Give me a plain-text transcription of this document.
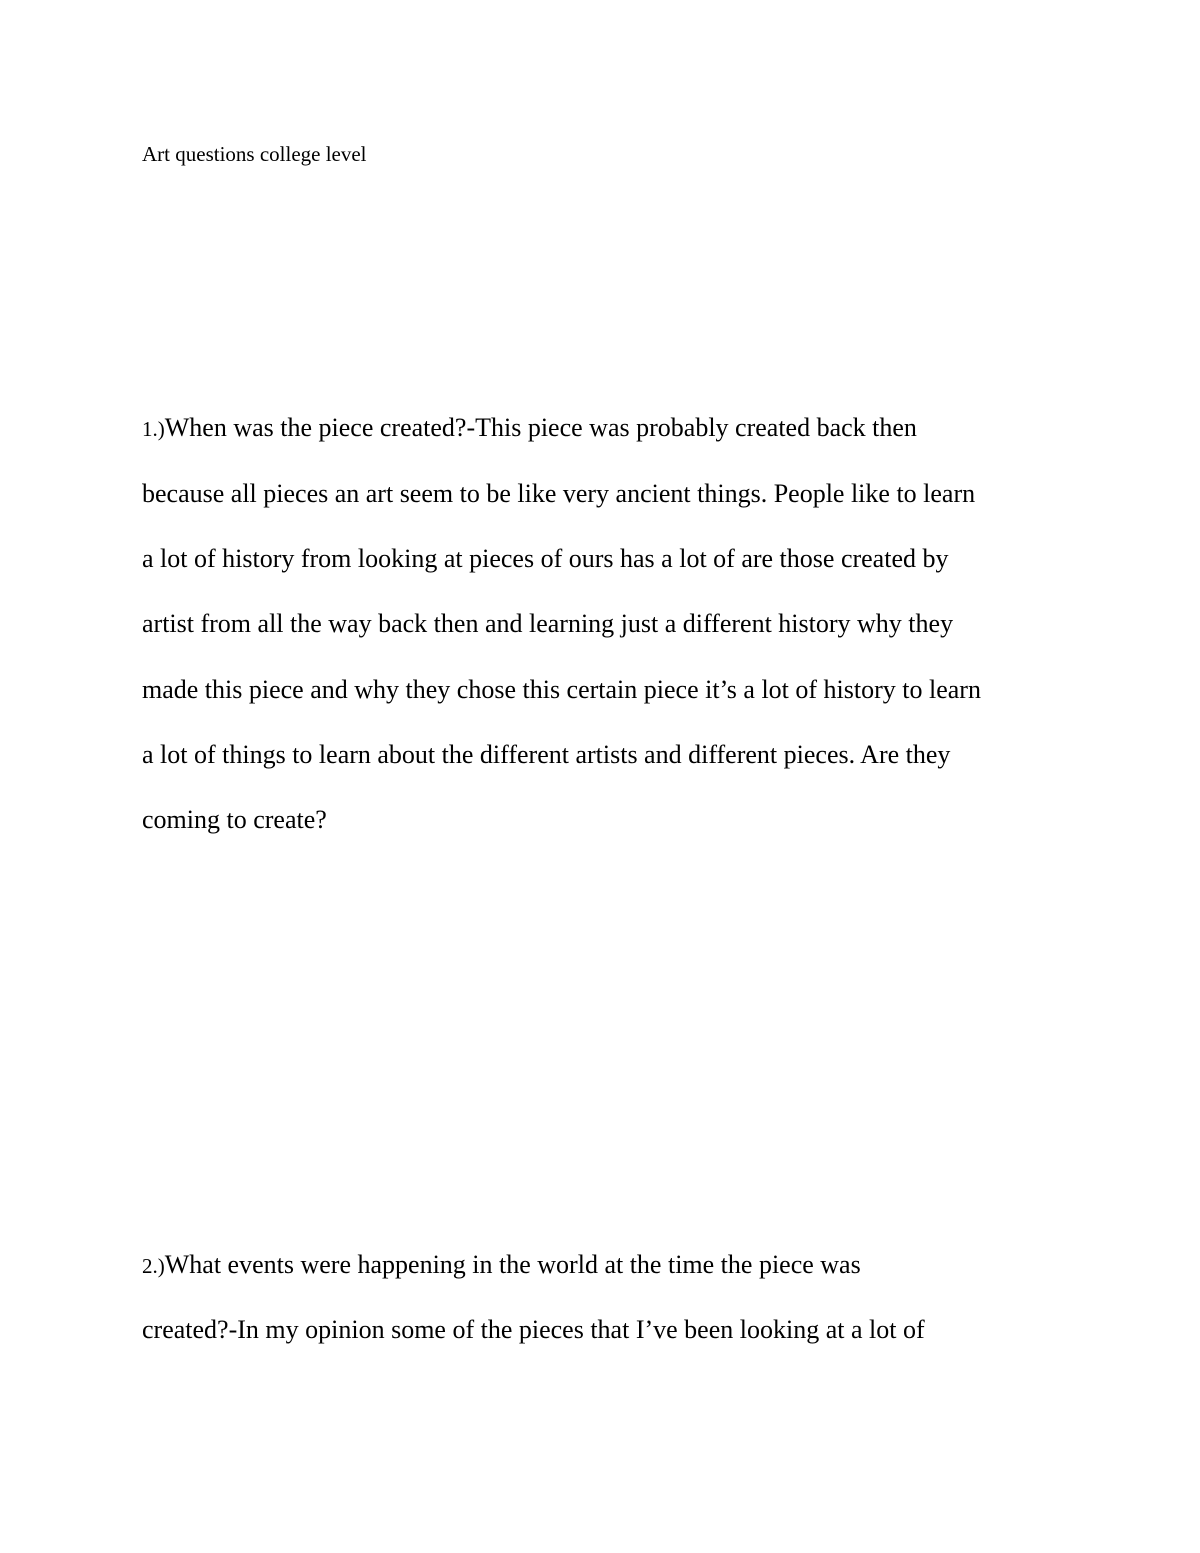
Art questions college level
1.)When was the piece created?-This piece was probably created back then
because all pieces an art seem to be like very ancient things. People like to learn
a lot of history from looking at pieces of ours has a lot of are those created by
artist from all the way back then and learning just a different history why they
made this piece and why they chose this certain piece it’s a lot of history to learn
a lot of things to learn about the different artists and different pieces. Are they
coming to create?
2.)What events were happening in the world at the time the piece was
created?-In my opinion some of the pieces that I’ve been looking at a lot of
